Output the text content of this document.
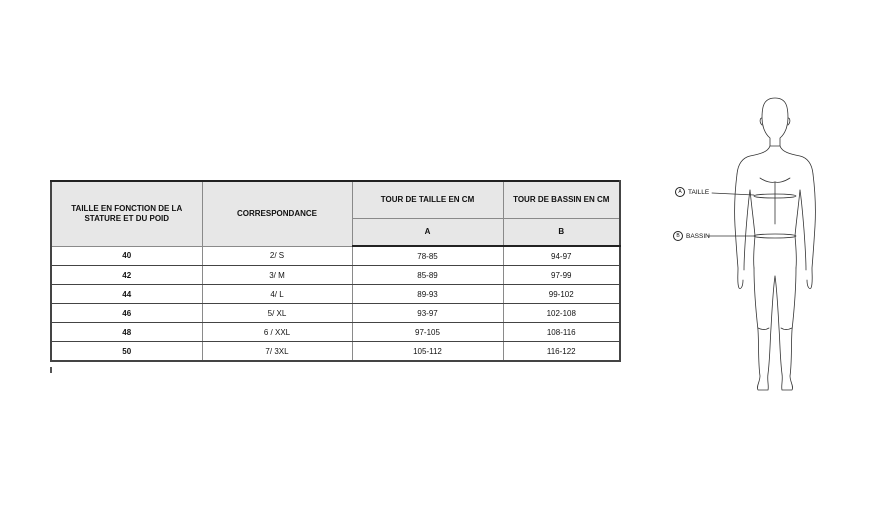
TAILLE EN FONCTION DE LA STATURE ET DU POID	CORRESPONDANCE	TOUR DE TAILLE EN CM	TOUR DE BASSIN EN CM
		A	B
40	2/ S	78-85	94-97
42	3/ M	85-89	97-99
44	4/ L	89-93	99-102
46	5/ XL	93-97	102-108
48	6 / XXL	97-105	108-116
50	7/ 3XL	105-112	116-122
A TAILLE
B BASSIN
